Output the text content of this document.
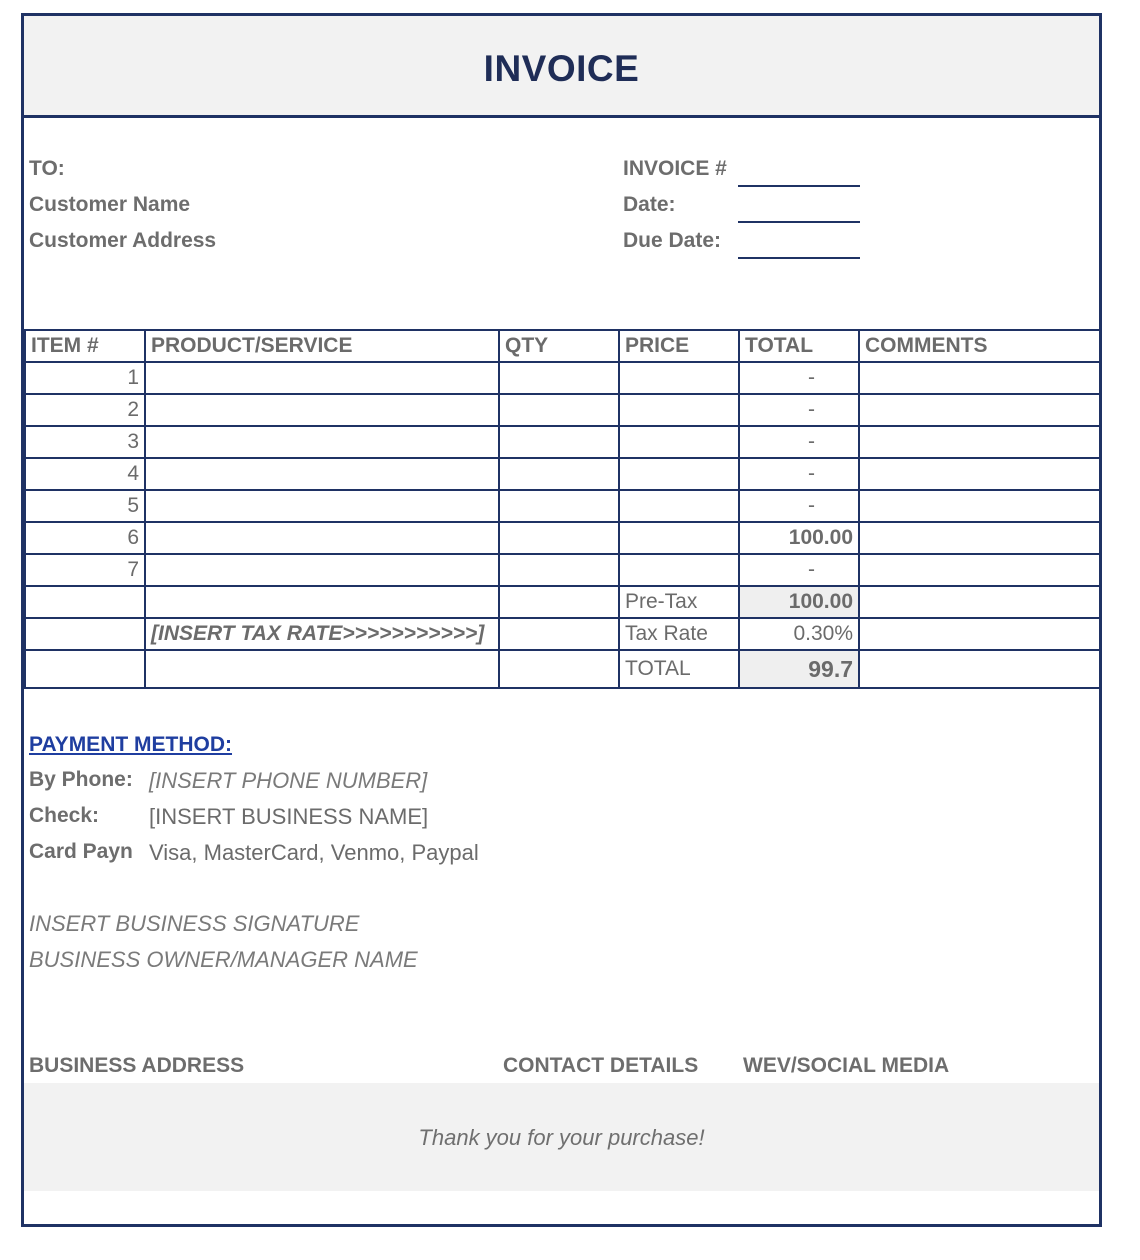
INVOICE
TO:
Customer Name
Customer Address
INVOICE #
Date:
Due Date:
ITEM #	PRODUCT/SERVICE	QTY	PRICE	TOTAL	COMMENTS
1				-	
2				-	
3				-	
4				-	
5				-	
6				100.00	
7				-	
			Pre-Tax	100.00	
	[INSERT TAX RATE>>>>>>>>>>>]		Tax Rate	0.30%	
			TOTAL	99.7	
PAYMENT METHOD:
By Phone: [INSERT PHONE NUMBER]
Check: [INSERT BUSINESS NAME]
Card Payn Visa, MasterCard, Venmo, Paypal
INSERT BUSINESS SIGNATURE
BUSINESS OWNER/MANAGER NAME
BUSINESS ADDRESS	CONTACT DETAILS WEV/SOCIAL MEDIA
Thank you for your purchase!
